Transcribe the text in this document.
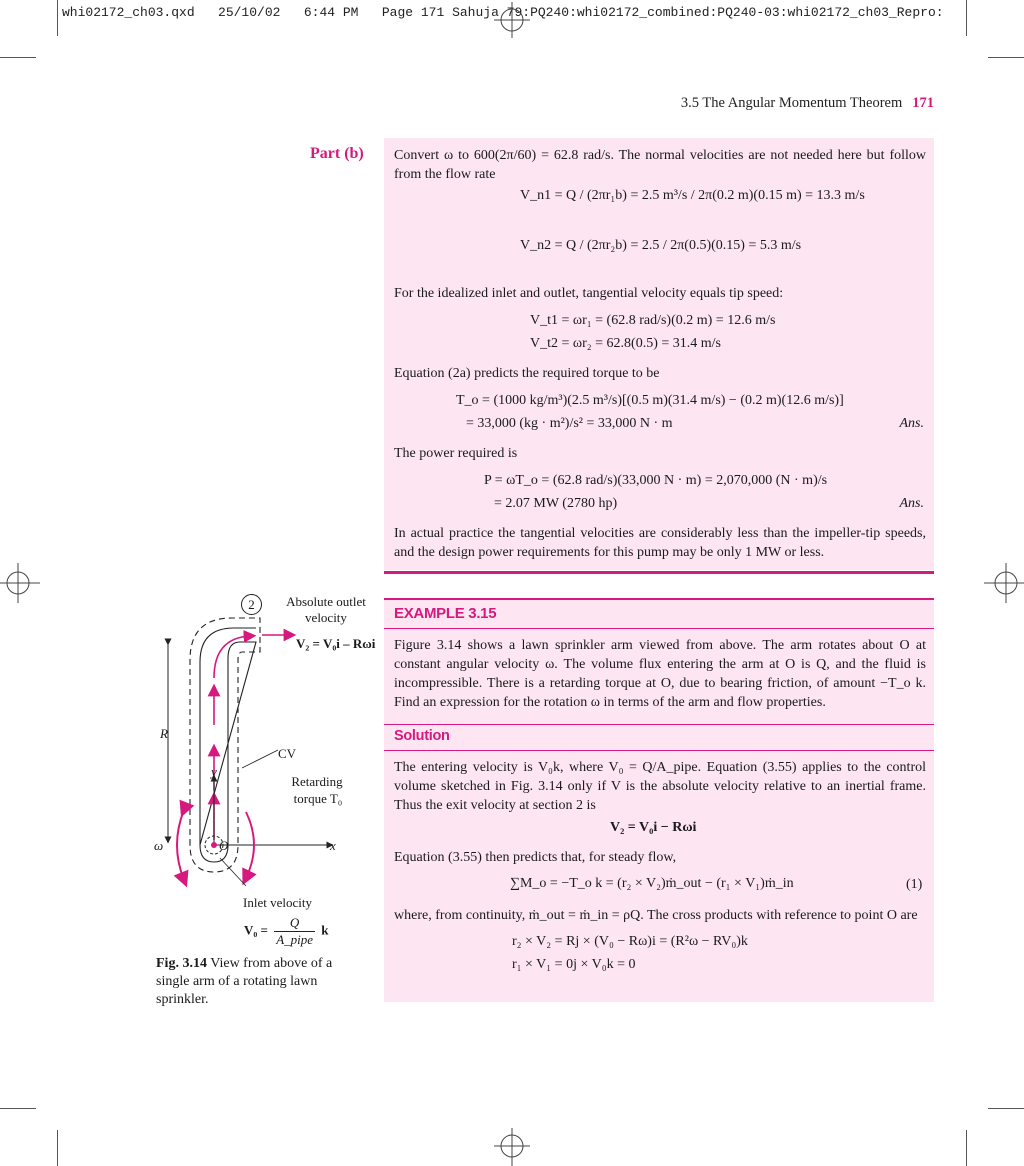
whi02172_ch03.qxd   25/10/02   6:44 PM   Page 171 Sahuja 79:PQ240:whi02172_combined:PQ240-03:whi02172_ch03_Repro:
3.5 The Angular Momentum Theorem 171
Part (b) Convert ω to 600(2π/60) = 62.8 rad/s. The normal velocities are not needed here but follow from the flow rate
V_n1 = Q / (2πr₁b) = 2.5 m³/s / 2π(0.2 m)(0.15 m) = 13.3 m/s
V_n2 = Q / (2πr₂b) = 2.5 / 2π(0.5)(0.15) = 5.3 m/s
For the idealized inlet and outlet, tangential velocity equals tip speed:
V_t1 = ωr₁ = (62.8 rad/s)(0.2 m) = 12.6 m/s
V_t2 = ωr₂ = 62.8(0.5) = 31.4 m/s
Equation (2a) predicts the required torque to be
T_o = (1000 kg/m³)(2.5 m³/s)[(0.5 m)(31.4 m/s) − (0.2 m)(12.6 m/s)]
= 33,000 (kg · m²)/s² = 33,000 N · m	Ans.
The power required is
P = ωT_o = (62.8 rad/s)(33,000 N · m) = 2,070,000 (N · m)/s
= 2.07 MW (2780 hp)	Ans.
In actual practice the tangential velocities are considerably less than the impeller-tip speeds, and the design power requirements for this pump may be only 1 MW or less.
EXAMPLE 3.15
Figure 3.14 shows a lawn sprinkler arm viewed from above. The arm rotates about O at constant angular velocity ω. The volume flux entering the arm at O is Q, and the fluid is incompressible. There is a retarding torque at O, due to bearing friction, of amount −T_o k. Find an expression for the rotation ω in terms of the arm and flow properties.
Solution
The entering velocity is V₀k, where V₀ = Q/A_pipe. Equation (3.55) applies to the control volume sketched in Fig. 3.14 only if V is the absolute velocity relative to an inertial frame. Thus the exit velocity at section 2 is
V₂ = V₀i − Rωi
Equation (3.55) then predicts that, for steady flow,
∑M_o = −T_o k = (r₂ × V₂)ṁ_out − (r₁ × V₁)ṁ_in	(1)
where, from continuity, ṁ_out = ṁ_in = ρQ. The cross products with reference to point O are
r₂ × V₂ = Rj × (V₀ − Rω)i = (R²ω − RV₀)k
r₁ × V₁ = 0j × V₀k = 0
2	Absolute outlet
velocity
V₂ = V₀i – Rωi
R
CV
y
x
O
ω
Retarding
torque T₀
Inlet velocity
$V_0 = \frac{Q}{\text{A\_pipe}}$ k
Fig. 3.14 View from above of a single arm of a rotating lawn sprinkler.
